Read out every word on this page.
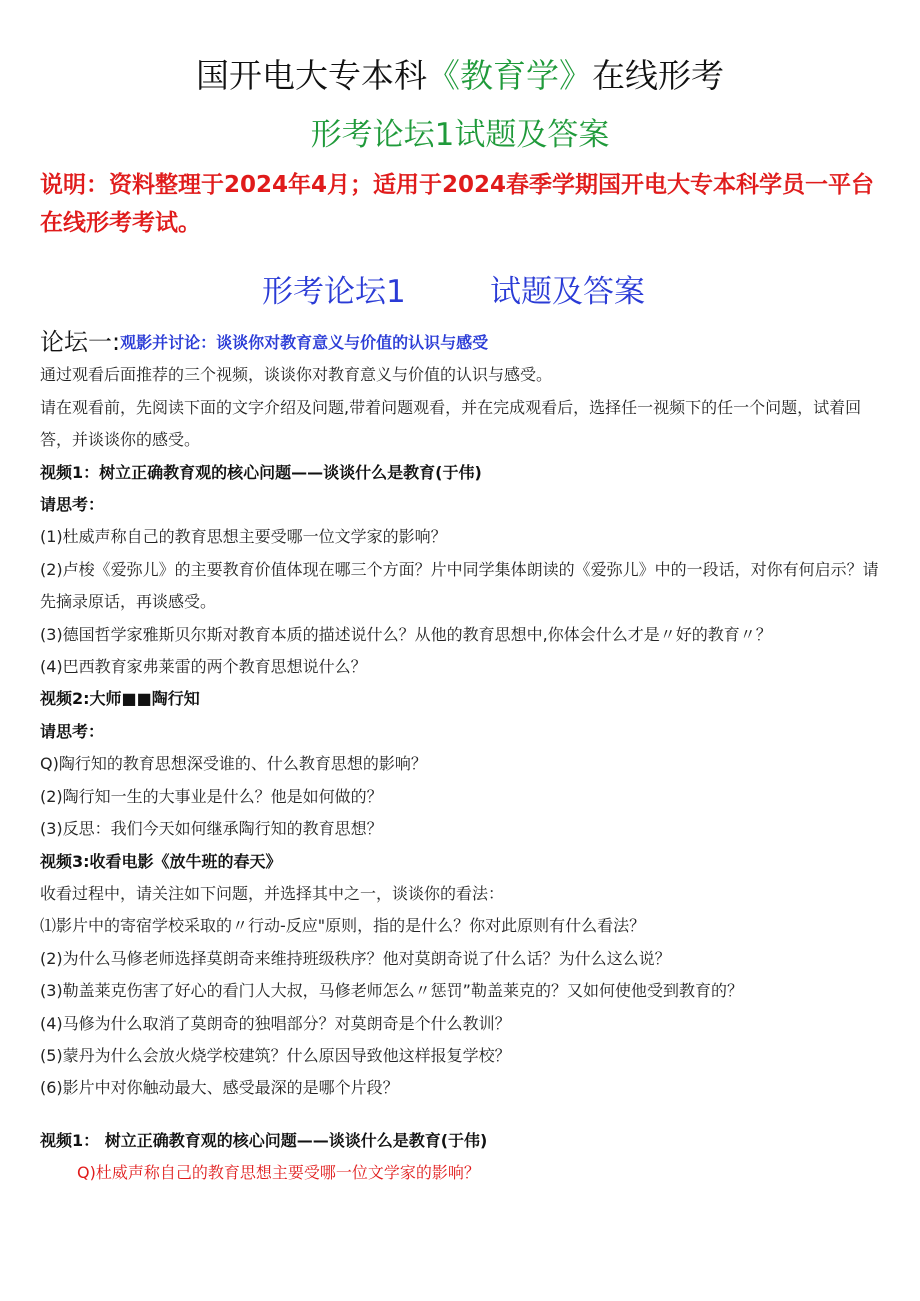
国开电大专本科《教育学》在线形考
形考论坛1试题及答案
说明：资料整理于2024年4月；适用于2024春季学期国开电大专本科学员一平台在线形考考试。
形考论坛1	试题及答案
论坛一:观影并讨论：谈谈你对教育意义与价值的认识与感受
通过观看后面推荐的三个视频，谈谈你对教育意义与价值的认识与感受。
请在观看前，先阅读下面的文字介绍及问题,带着问题观看，并在完成观看后，选择任一视频下的任一个问题，试着回答，并谈谈你的感受。
视频1：树立正确教育观的核心问题——谈谈什么是教育(于伟)
请思考：
(1)杜威声称自己的教育思想主要受哪一位文学家的影响？
(2)卢梭《爱弥儿》的主要教育价值体现在哪三个方面？片中同学集体朗读的《爱弥儿》中的一段话，对你有何启示？请先摘录原话，再谈感受。
(3)德国哲学家雅斯贝尔斯对教育本质的描述说什么？从他的教育思想中,你体会什么才是〃好的教育〃？
(4)巴西教育家弗莱雷的两个教育思想说什么？
视频2:大师■■陶行知
请思考：
Q)陶行知的教育思想深受谁的、什么教育思想的影响？
(2)陶行知一生的大事业是什么？他是如何做的？
(3)反思：我们今天如何继承陶行知的教育思想？
视频3:收看电影《放牛班的春天》
收看过程中，请关注如下问题，并选择其中之一，谈谈你的看法：
⑴影片中的寄宿学校采取的〃行动-反应"原则，指的是什么？你对此原则有什么看法？
(2)为什么马修老师选择莫朗奇来维持班级秩序？他对莫朗奇说了什么话？为什么这么说？
(3)勒盖莱克伤害了好心的看门人大叔，马修老师怎么〃惩罚”勒盖莱克的？又如何使他受到教育的？
(4)马修为什么取消了莫朗奇的独唱部分？对莫朗奇是个什么教训？
(5)蒙丹为什么会放火烧学校建筑？什么原因导致他这样报复学校？
(6)影片中对你触动最大、感受最深的是哪个片段？
视频1： 树立正确教育观的核心问题——谈谈什么是教育(于伟)
Q)杜威声称自己的教育思想主要受哪一位文学家的影响？
